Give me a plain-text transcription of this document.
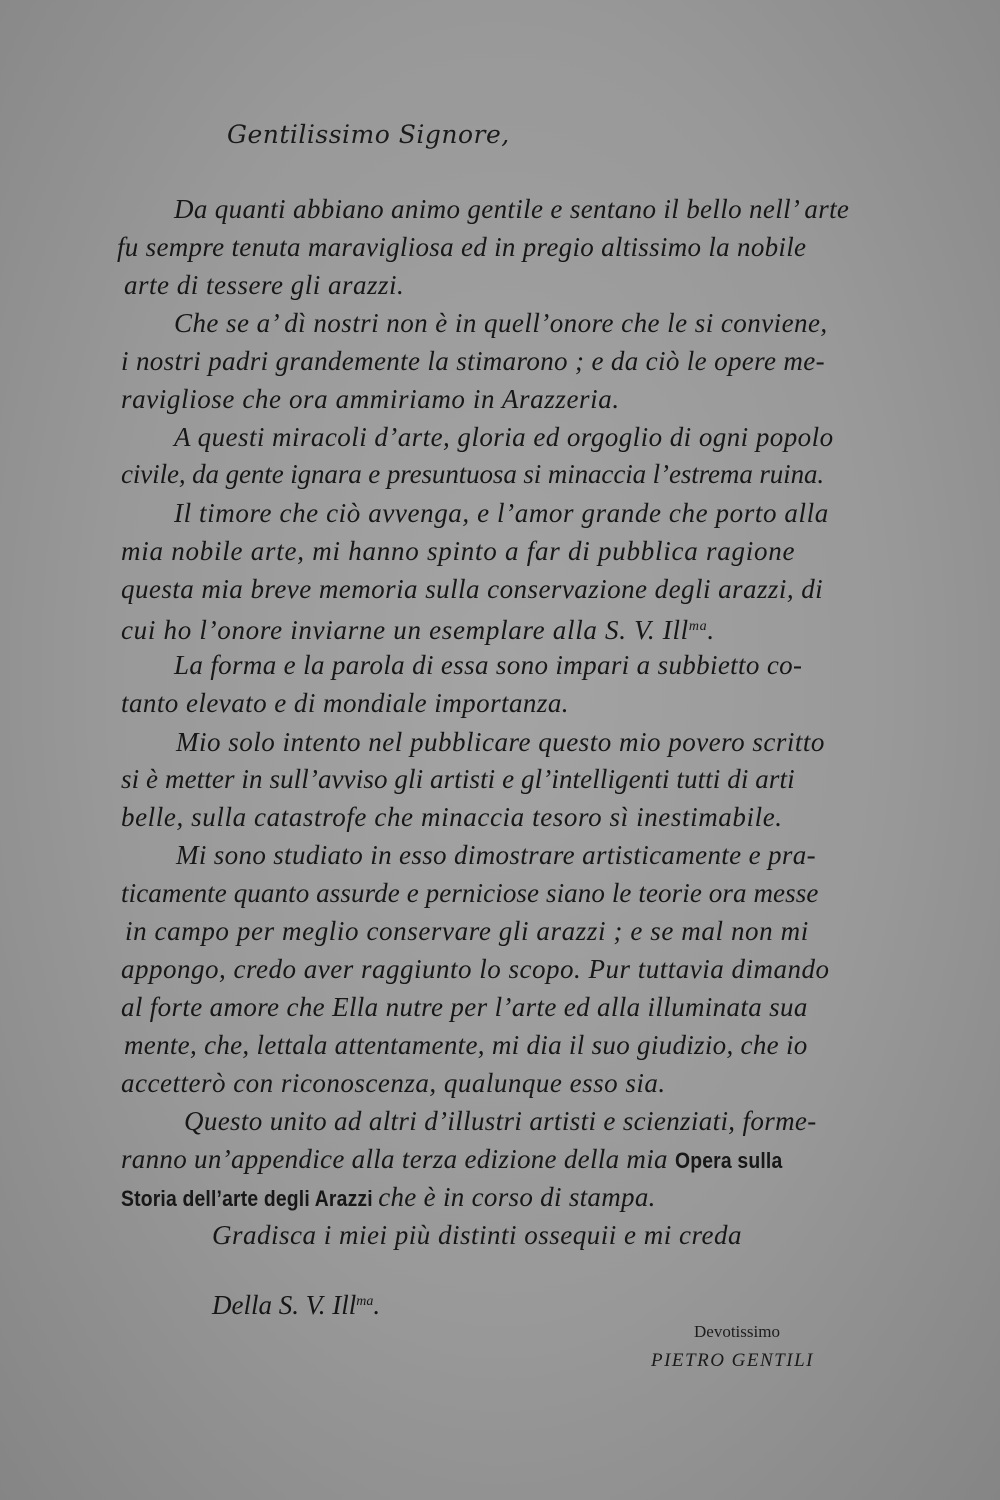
Gentilissimo Signore,
Da quanti abbiano animo gentile e sentano il bello nell’ arte
fu sempre tenuta maravigliosa ed in pregio altissimo la nobile
arte di tessere gli arazzi.
Che se a’ dì nostri non è in quell’onore che le si conviene,
i nostri padri grandemente la stimarono ; e da ciò le opere me-
ravigliose che ora ammiriamo in Arazzeria.
A questi miracoli d’arte, gloria ed orgoglio di ogni popolo
civile, da gente ignara e presuntuosa si minaccia l’estrema ruina.
Il timore che ciò avvenga, e l’amor grande che porto alla
mia nobile arte, mi hanno spinto a far di pubblica ragione
questa mia breve memoria sulla conservazione degli arazzi, di
cui ho l’onore inviarne un esemplare alla S. V. Ill$^{ma}$.
La forma e la parola di essa sono impari a subbietto co-
tanto elevato e di mondiale importanza.
Mio solo intento nel pubblicare questo mio povero scritto
si è metter in sull’avviso gli artisti e gl’intelligenti tutti di arti
belle, sulla catastrofe che minaccia tesoro sì inestimabile.
Mi sono studiato in esso dimostrare artisticamente e pra-
ticamente quanto assurde e perniciose siano le teorie ora messe
in campo per meglio conservare gli arazzi ; e se mal non mi
appongo, credo aver raggiunto lo scopo. Pur tuttavia dimando
al forte amore che Ella nutre per l’arte ed alla illuminata sua
mente, che, lettala attentamente, mi dia il suo giudizio, che io
accetterò con riconoscenza, qualunque esso sia.
Questo unito ad altri d’illustri artisti e scienziati, forme-
ranno un’appendice alla terza edizione della mia Opera sulla
Storia dell’arte degli Arazzi che è in corso di stampa.
Gradisca i miei più distinti ossequii e mi creda
Della S. V. Ill$^{ma}$.
Devotissimo
PIETRO GENTILI
